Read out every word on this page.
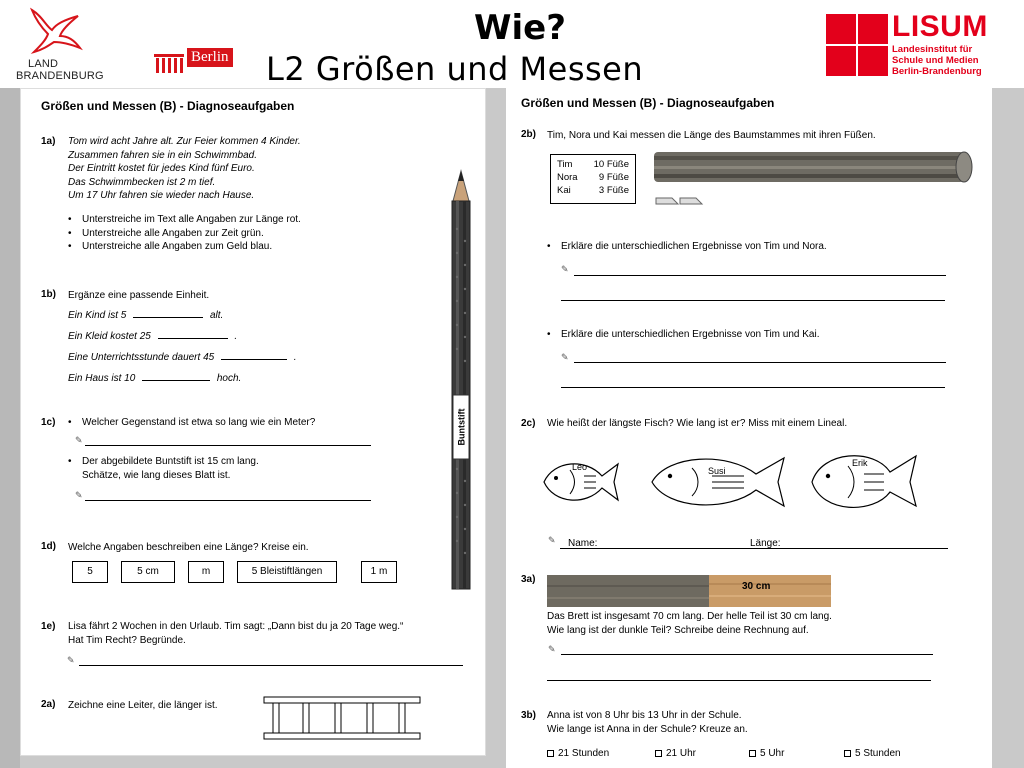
LAND
BRANDENBURG
Berlin
Wie?
L2 Größen und Messen
LISUM
Landesinstitut für
Schule und Medien
Berlin-Brandenburg
Größen und Messen (B) - Diagnoseaufgaben
1a) Tom wird acht Jahre alt. Zur Feier kommen 4 Kinder.
Zusammen fahren sie in ein Schwimmbad.
Der Eintritt kostet für jedes Kind fünf Euro.
Das Schwimmbecken ist 2 m tief.
Um 17 Uhr fahren sie wieder nach Hause.
• Unterstreiche im Text alle Angaben zur Länge rot.
• Unterstreiche alle Angaben zur Zeit grün.
• Unterstreiche alle Angaben zum Geld blau.
1b) Ergänze eine passende Einheit.
Ein Kind ist 5	alt.
Ein Kleid kostet 25	.
Eine Unterrichtsstunde dauert 45	.
Ein Haus ist 10	hoch.
1c)
•	Welcher Gegenstand ist etwa so lang wie ein Meter?
✎
• Der abgebildete Buntstift ist 15 cm lang.
Schätze, wie lang dieses Blatt ist.
✎
1d) Welche Angaben beschreiben eine Länge? Kreise ein.
5	5 cm	m	5 Bleistiftlängen	1 m
1e) Lisa fährt 2 Wochen in den Urlaub. Tim sagt: „Dann bist du ja 20 Tage weg.“
Hat Tim Recht? Begründe.
✎
2a) Zeichne eine Leiter, die länger ist.
Buntstift
Größen und Messen (B) - Diagnoseaufgaben
2b) Tim, Nora und Kai messen die Länge des Baumstammes mit ihren Füßen.
Tim 10 Füße
Nora 9 Füße
Kai	3 Füße
• Erkläre die unterschiedlichen Ergebnisse von Tim und Nora.
✎
• Erkläre die unterschiedlichen Ergebnisse von Tim und Kai.
✎
2c) Wie heißt der längste Fisch? Wie lang ist er? Miss mit einem Lineal.
Leo	Susi
Erik
✎ Name:	Länge:
3a)
30 cm
Das Brett ist insgesamt 70 cm lang. Der helle Teil ist 30 cm lang.
Wie lang ist der dunkle Teil? Schreibe deine Rechnung auf.
✎
3b) Anna ist von 8 Uhr bis 13 Uhr in der Schule.
Wie lange ist Anna in der Schule? Kreuze an.
21 Stunden	21 Uhr	5 Uhr	5 Stunden
